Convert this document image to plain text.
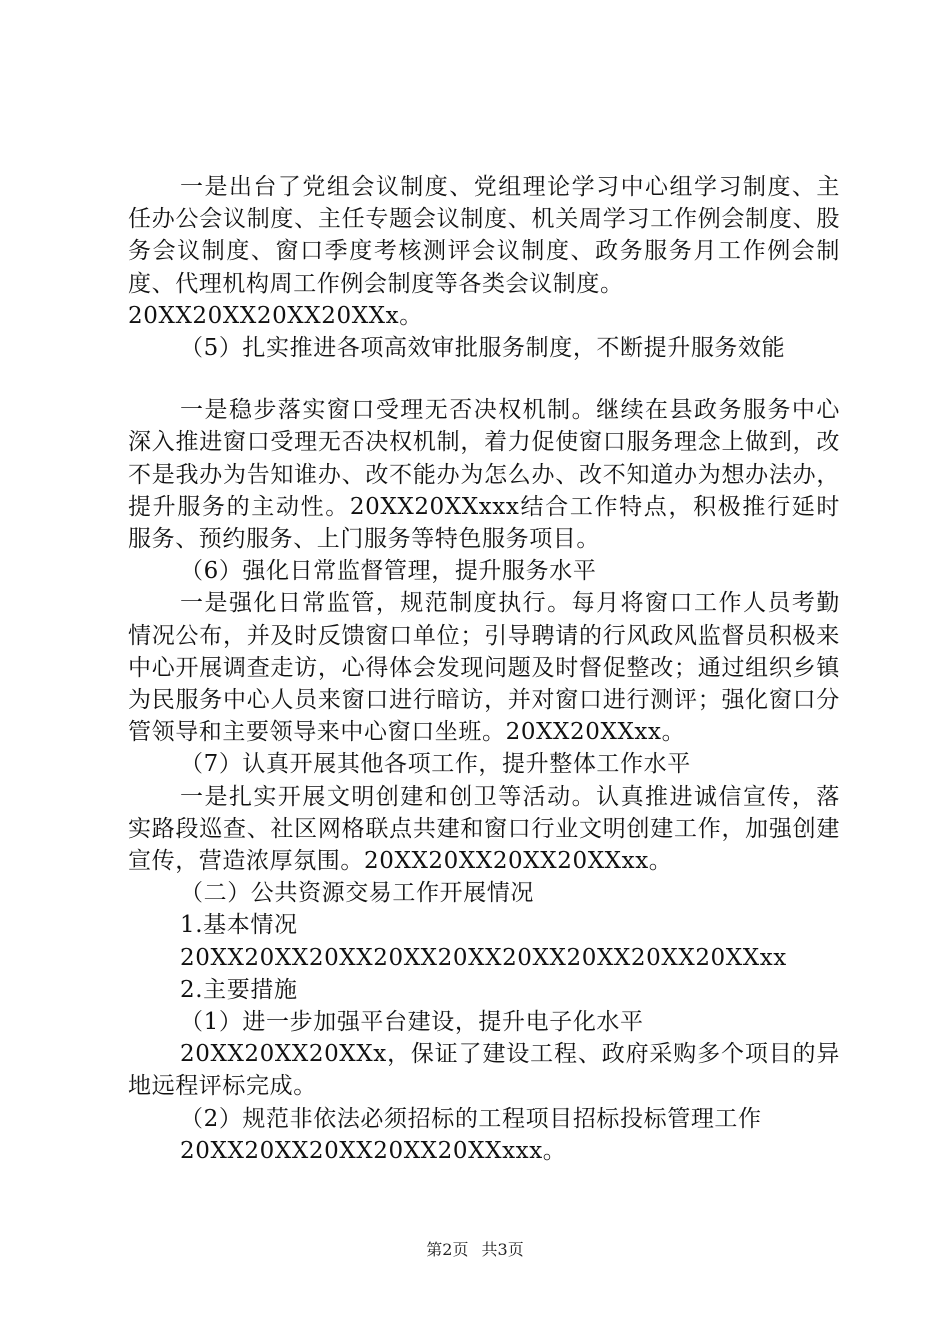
一是出台了党组会议制度、党组理论学习中心组学习制度、主任办公会议制度、主任专题会议制度、机关周学习工作例会制度、股务会议制度、窗口季度考核测评会议制度、政务服务月工作例会制度、代理机构周工作例会制度等各类会议制度。

20XX20XX20XX20XXx。

（5）扎实推进各项高效审批服务制度，不断提升服务效能

一是稳步落实窗口受理无否决权机制。继续在县政务服务中心深入推进窗口受理无否决权机制，着力促使窗口服务理念上做到，改不是我办为告知谁办、改不能办为怎么办、改不知道办为想办法办，提升服务的主动性。20XX20XXxxx结合工作特点，积极推行延时服务、预约服务、上门服务等特色服务项目。

（6）强化日常监督管理，提升服务水平

一是强化日常监管，规范制度执行。每月将窗口工作人员考勤情况公布，并及时反馈窗口单位；引导聘请的行风政风监督员积极来中心开展调查走访，心得体会发现问题及时督促整改；通过组织乡镇为民服务中心人员来窗口进行暗访，并对窗口进行测评；强化窗口分管领导和主要领导来中心窗口坐班。20XX20XXxx。

（7）认真开展其他各项工作，提升整体工作水平

一是扎实开展文明创建和创卫等活动。认真推进诚信宣传，落实路段巡查、社区网格联点共建和窗口行业文明创建工作，加强创建宣传，营造浓厚氛围。20XX20XX20XX20XXxx。

（二）公共资源交易工作开展情况

1.基本情况

20XX20XX20XX20XX20XX20XX20XX20XX20XXxx

2.主要措施

（1）进一步加强平台建设，提升电子化水平

20XX20XX20XXx，保证了建设工程、政府采购多个项目的异地远程评标完成。

（2）规范非依法必须招标的工程项目招标投标管理工作

20XX20XX20XX20XX20XXxxx。

第2页 共3页
